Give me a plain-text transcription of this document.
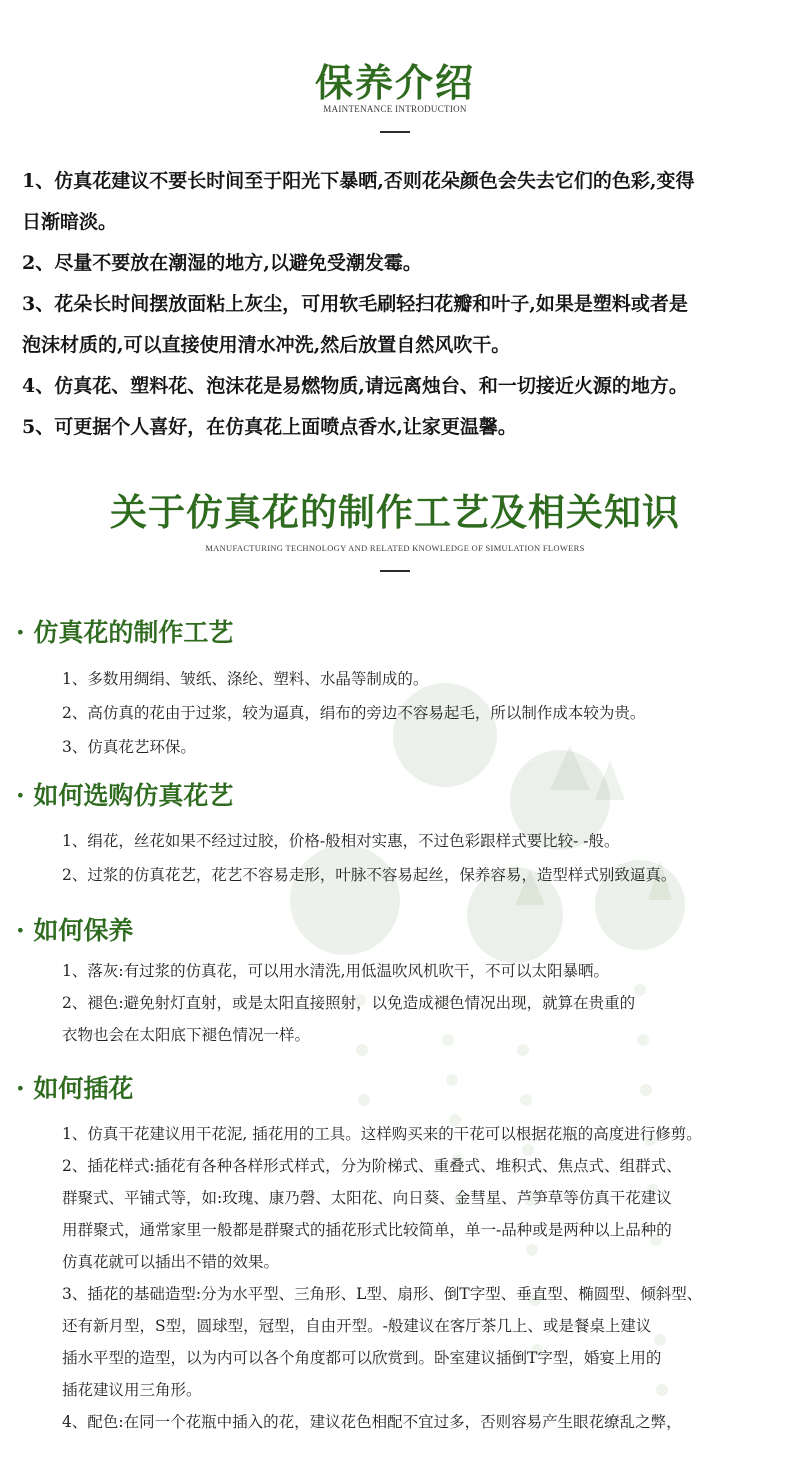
保养介绍
MAINTENANCE INTRODUCTION

1、仿真花建议不要长时间至于阳光下暴晒,否则花朵颜色会失去它们的色彩,变得

日渐暗淡。

2、尽量不要放在潮湿的地方,以避免受潮发霉。

3、花朵长时间摆放面粘上灰尘，可用软毛刷轻扫花瓣和叶子,如果是塑料或者是

泡沫材质的,可以直接使用清水冲洗,然后放置自然风吹干。

4、仿真花、塑料花、泡沫花是易燃物质,请远离烛台、和一切接近火源的地方。

5、可更据个人喜好，在仿真花上面喷点香水,让家更温馨。

关于仿真花的制作工艺及相关知识
MANUFACTURING TECHNOLOGY AND RELATED KNOWLEDGE OF SIMULATION FLOWERS
· 仿真花的制作工艺

1、多数用绸绢、皱纸、涤纶、塑料、水晶等制成的。

2、高仿真的花由于过浆，较为逼真，绢布的旁边不容易起毛，所以制作成本较为贵。

3、仿真花艺环保。

· 如何选购仿真花艺

1、绢花，丝花如果不经过过胶，价格-般相对实惠，不过色彩跟样式要比较- -般。

2、过浆的仿真花艺，花艺不容易走形，叶脉不容易起丝，保养容易，造型样式别致逼真。

· 如何保养

1、落灰:有过浆的仿真花，可以用水清洗,用低温吹风机吹干，不可以太阳暴晒。

2、褪色:避免射灯直射，或是太阳直接照射，以免造成褪色情况出现，就算在贵重的

衣物也会在太阳底下褪色情况一样。

· 如何插花

1、仿真干花建议用干花泥, 插花用的工具。这样购买来的干花可以根据花瓶的高度进行修剪。

2、插花样式:插花有各种各样形式样式，分为阶梯式、重叠式、堆积式、焦点式、组群式、

群聚式、平铺式等，如:玫瑰、康乃磬、太阳花、向日葵、金彗星、芦笋草等仿真干花建议

用群聚式，通常家里一般都是群聚式的插花形式比较简单，单一-品种或是两种以上品种的

仿真花就可以插出不错的效果。

3、插花的基础造型:分为水平型、三角形、L型、扇形、倒T字型、垂直型、椭圆型、倾斜型、

还有新月型，S型，圆球型，冠型，自由开型。-般建议在客厅茶几上、或是餐桌上建议

插水平型的造型，以为内可以各个角度都可以欣赏到。卧室建议插倒T字型，婚宴上用的

插花建议用三角形。

4、配色:在同一个花瓶中插入的花，建议花色相配不宜过多，否则容易产生眼花缭乱之弊，
